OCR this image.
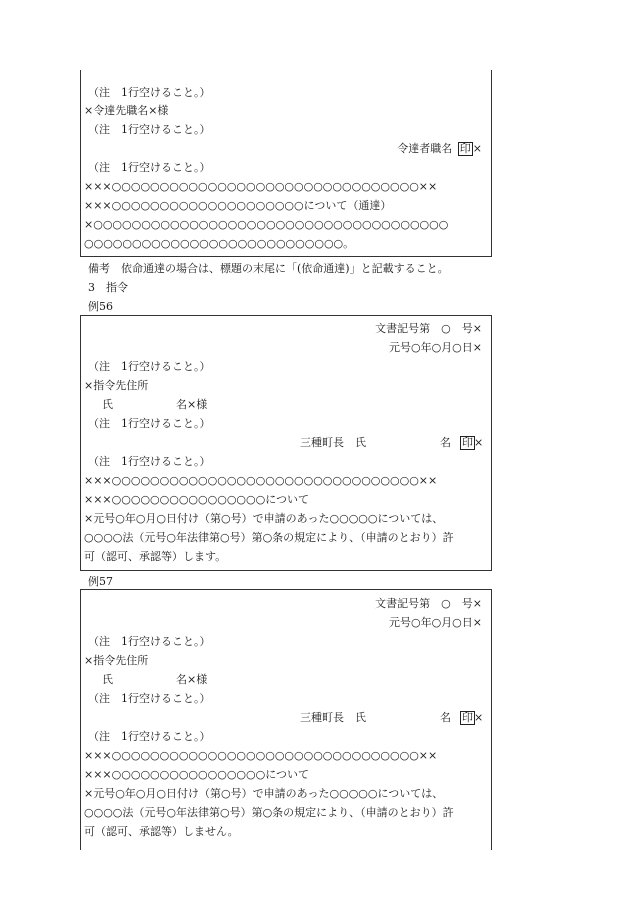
（注　1行空けること。）
×令達先職名×様
（注　1行空けること。）
令達者職名 印 ×
（注　1行空けること。）
×××○○○○○○○○○○○○○○○○○○○○○○○○○○○○○○○○××
×××○○○○○○○○○○○○○○○○○○○○について（通達）
×○○○○○○○○○○○○○○○○○○○○○○○○○○○○○○○○○○○○○
○○○○○○○○○○○○○○○○○○○○○○○○○○○。
備考　依命通達の場合は、標題の末尾に「(依命通達)」と記載すること。
3　指令
例56
文書記号第　○　号×
元号○年○月○日×
（注　1行空けること。）
×指令先住所
氏	名×様
（注　1行空けること。）
三種町長　氏	名 印 ×
（注　1行空けること。）
×××○○○○○○○○○○○○○○○○○○○○○○○○○○○○○○○○××
×××○○○○○○○○○○○○○○○○について
×元号○年○月○日付け（第○号）で申請のあった○○○○○については、
○○○○法（元号○年法律第○号）第○条の規定により、（申請のとおり）許
可（認可、承認等）します。
例57
文書記号第　○　号×
元号○年○月○日×
（注　1行空けること。）
×指令先住所
氏	名×様
（注　1行空けること。）
三種町長　氏	名 印 ×
（注　1行空けること。）
×××○○○○○○○○○○○○○○○○○○○○○○○○○○○○○○○○××
×××○○○○○○○○○○○○○○○○について
×元号○年○月○日付け（第○号）で申請のあった○○○○○については、
○○○○法（元号○年法律第○号）第○条の規定により、（申請のとおり）許
可（認可、承認等）しません。
